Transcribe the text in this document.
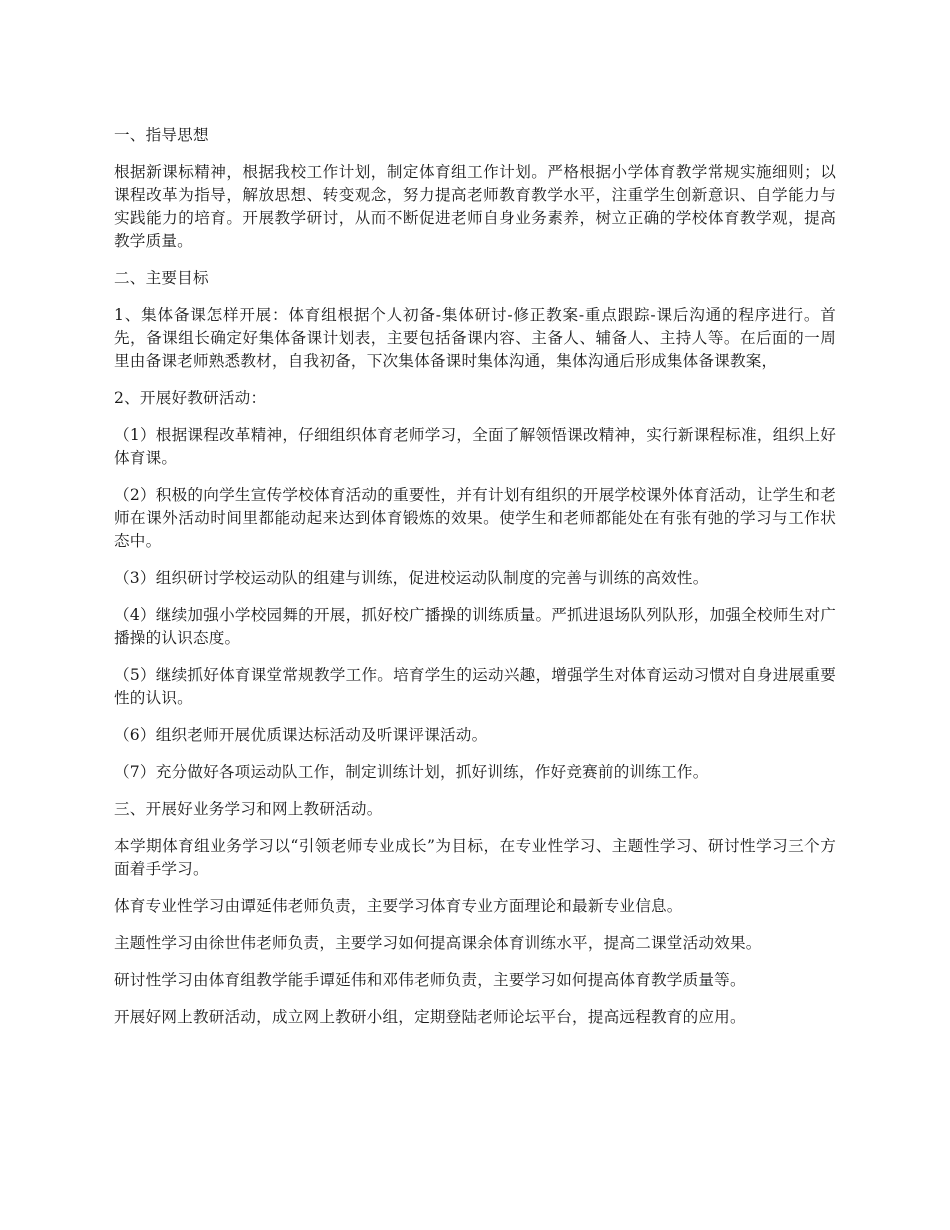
一、指导思想

根据新课标精神，根据我校工作计划，制定体育组工作计划。严格根据小学体育教学常规实施细则；以课程改革为指导，解放思想、转变观念，努力提高老师教育教学水平，注重学生创新意识、自学能力与实践能力的培育。开展教学研讨，从而不断促进老师自身业务素养，树立正确的学校体育教学观，提高教学质量。

二、主要目标

1、集体备课怎样开展：体育组根据个人初备-集体研讨-修正教案-重点跟踪-课后沟通的程序进行。首先，备课组长确定好集体备课计划表，主要包括备课内容、主备人、辅备人、主持人等。在后面的一周里由备课老师熟悉教材，自我初备，下次集体备课时集体沟通，集体沟通后形成集体备课教案，

2、开展好教研活动：

（1）根据课程改革精神，仔细组织体育老师学习，全面了解领悟课改精神，实行新课程标准，组织上好体育课。

（2）积极的向学生宣传学校体育活动的重要性，并有计划有组织的开展学校课外体育活动，让学生和老师在课外活动时间里都能动起来达到体育锻炼的效果。使学生和老师都能处在有张有弛的学习与工作状态中。

（3）组织研讨学校运动队的组建与训练，促进校运动队制度的完善与训练的高效性。

（4）继续加强小学校园舞的开展，抓好校广播操的训练质量。严抓进退场队列队形，加强全校师生对广播操的认识态度。

（5）继续抓好体育课堂常规教学工作。培育学生的运动兴趣，增强学生对体育运动习惯对自身进展重要性的认识。

（6）组织老师开展优质课达标活动及听课评课活动。

（7）充分做好各项运动队工作，制定训练计划，抓好训练，作好竞赛前的训练工作。

三、开展好业务学习和网上教研活动。

本学期体育组业务学习以“引领老师专业成长”为目标，在专业性学习、主题性学习、研讨性学习三个方面着手学习。

体育专业性学习由谭延伟老师负责，主要学习体育专业方面理论和最新专业信息。

主题性学习由徐世伟老师负责，主要学习如何提高课余体育训练水平，提高二课堂活动效果。

研讨性学习由体育组教学能手谭延伟和邓伟老师负责，主要学习如何提高体育教学质量等。

开展好网上教研活动，成立网上教研小组，定期登陆老师论坛平台，提高远程教育的应用。
